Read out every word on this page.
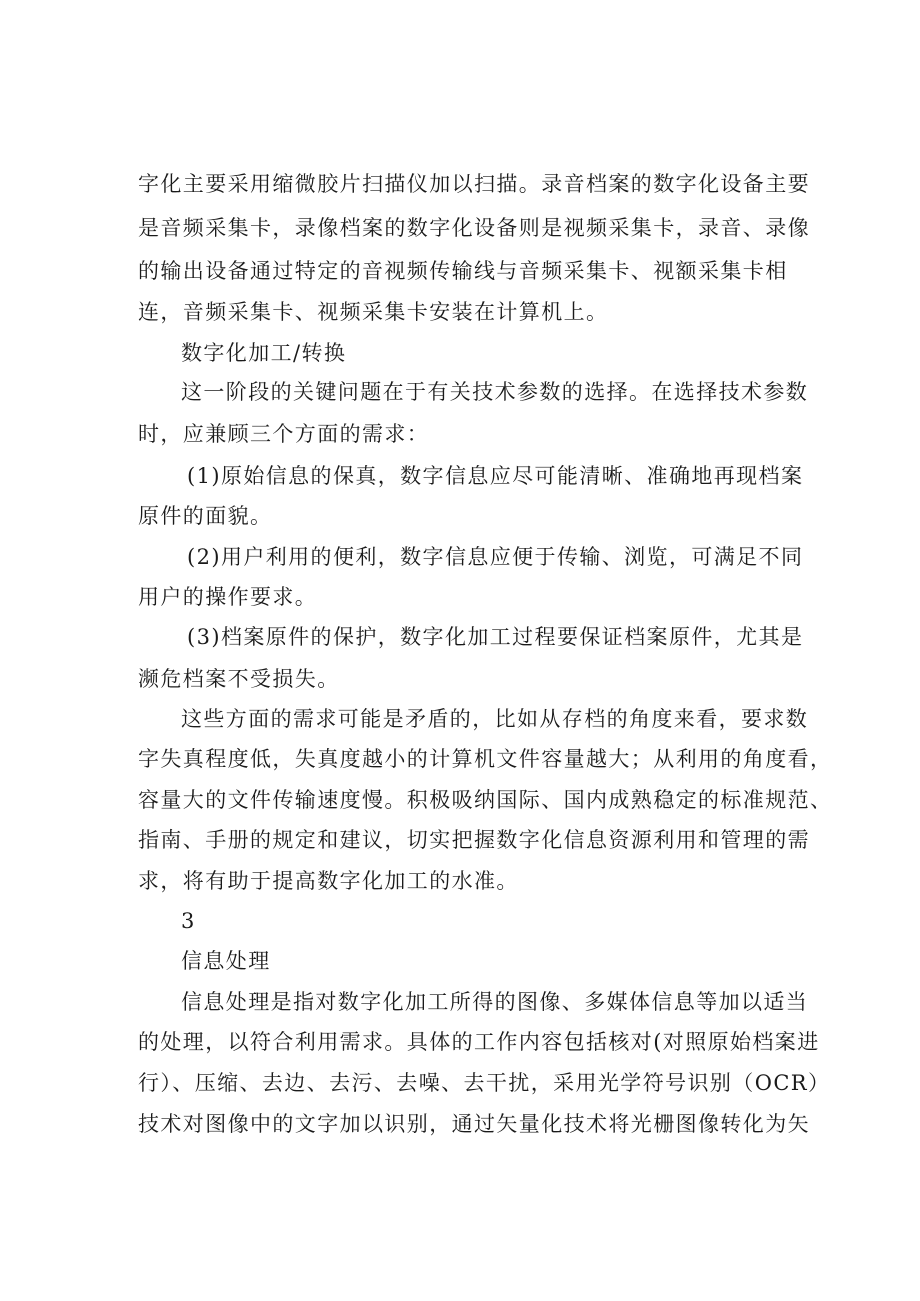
字化主要采用缩微胶片扫描仪加以扫描。录音档案的数字化设备主要
是音频采集卡，录像档案的数字化设备则是视频采集卡，录音、录像
的输出设备通过特定的音视频传输线与音频采集卡、视额采集卡相
连，音频采集卡、视频采集卡安装在计算机上。
数字化加工/转换
这一阶段的关键问题在于有关技术参数的选择。在选择技术参数
时，应兼顾三个方面的需求：
(1)原始信息的保真，数字信息应尽可能清晰、准确地再现档案
原件的面貌。
(2)用户利用的便利，数字信息应便于传输、浏览，可满足不同
用户的操作要求。
(3)档案原件的保护，数字化加工过程要保证档案原件，尤其是
濒危档案不受损失。
这些方面的需求可能是矛盾的，比如从存档的角度来看，要求数
字失真程度低，失真度越小的计算机文件容量越大；从利用的角度看，
容量大的文件传输速度慢。积极吸纳国际、国内成熟稳定的标准规范、
指南、手册的规定和建议，切实把握数字化信息资源利用和管理的需
求，将有助于提高数字化加工的水准。
3
信息处理
信息处理是指对数字化加工所得的图像、多媒体信息等加以适当
的处理，以符合利用需求。具体的工作内容包括核对(对照原始档案进
行）、压缩、去边、去污、去噪、去干扰，采用光学符号识别（OCR）
技术对图像中的文字加以识别，通过矢量化技术将光栅图像转化为矢
